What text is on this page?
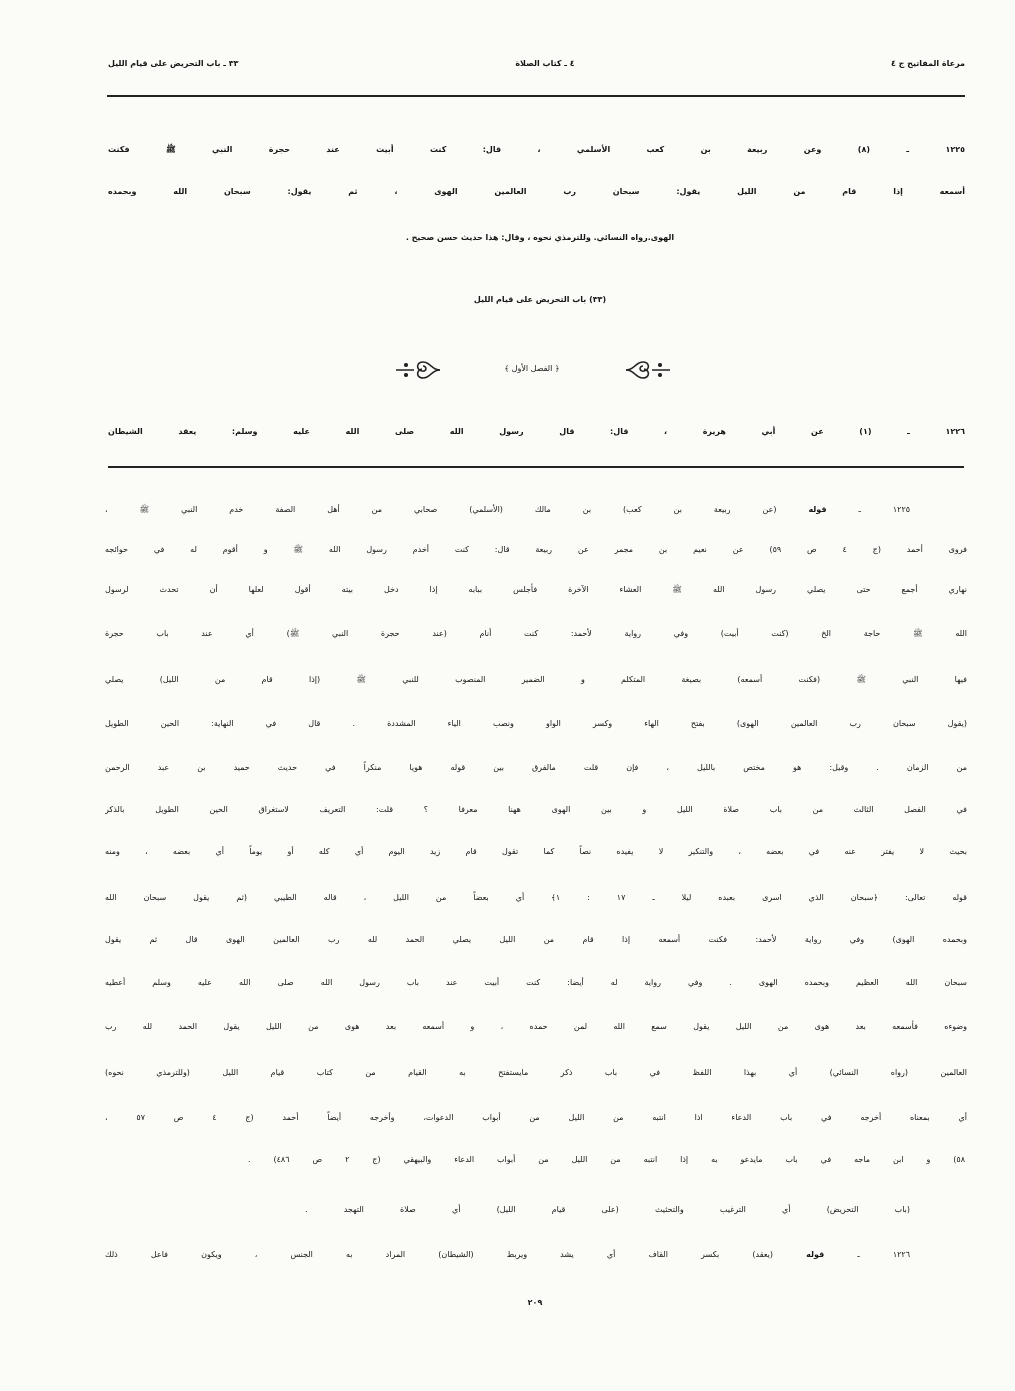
مرعاة المفاتيح ج ٤
٤ ـ كتاب الصلاة
٣٣ ـ باب التحريض على قيام الليل
١٢٢٥ ـ (٨) وعن ربيعة بن كعب الأسلمي ، قال: كنت أبيت عند حجرة النبي ﷺ فكنت
أسمعه إذا قام من الليل يقول: سبحان رب العالمين الهوى ، ثم يقول: سبحان الله وبحمده
الهوى.رواه النسائي. وللترمذي نحوه ، وقال: هذا حديث حسن صحيح .
(٣٣) باب التحريض على قيام الليل
﴿ الفصل الأول ﴾
١٢٢٦ ـ (١) عن أبي هريرة ، قال: قال رسول الله صلى الله عليه وسلم: يعقد الشيطان
١٢٢٥ ـ قوله (عن ربيعة بن كعب) بن مالك (الأسلمي) صحابي من أهل الصفة خدم النبي ﷺ ،
فروى أحمد (ج ٤ ص ٥٩) عن نعيم بن مجمر عن ربيعة قال: كنت أخدم رسول الله ﷺ و أقوم له في حوائجه
نهاري أجمع حتى يصلي رسول الله ﷺ العشاء الآخرة فأجلس ببابه إذا دخل بيته أقول لعلها أن تحدث لرسول
الله ﷺ حاجة الخ (كنت أبيت) وفي رواية لأحمد: كنت أنام (عند حجرة النبي ﷺ) أي عند باب حجرة
فيها النبي ﷺ (فكنت أسمعه) بصيغة المتكلم و الضمير المنصوب للنبي ﷺ (إذا قام من الليل) يصلي
(يقول سبحان رب العالمين الهوى) بفتح الهاء وكسر الواو ونصب الياء المشددة . قال في النهاية: الحين الطويل
من الزمان . وقيل: هو مختص بالليل ، فإن قلت مالفرق بين قوله هويا منكراً في حديث حميد بن عبد الرحمن
في الفصل الثالث من باب صلاة الليل و بين الهوى ههنا معرفا ؟ قلت: التعريف لاستغراق الحين الطويل بالذكر
بحيث لا يفتر عنه في بعضه ، والتنكير لا يفيده نصاً كما تقول قام زيد اليوم أي كله أو يوماً أي بعضه ، ومنه
قوله تعالى: ﴿سبحان الذي اسرى بعبده ليلا ـ ١٧ : ١﴾ أي بعضاً من الليل ، قاله الطيبي (ثم يقول سبحان الله
وبحمده الهوى) وفي رواية لأحمد: فكنت أسمعه إذا قام من الليل يصلي الحمد لله رب العالمين الهوى قال ثم يقول
سبحان الله العظيم وبحمده الهوى . وفي رواية له أيضا: كنت أبيت عند باب رسول الله صلى الله عليه وسلم أعطيه
وضوءه فأسمعه بعد هوى من الليل يقول سمع الله لمن حمده ، و أسمعه بعد هوى من الليل يقول الحمد لله رب
العالمين (رواه النسائي) أي بهذا اللفظ في باب ذكر مايستفتح به القيام من كتاب قيام الليل (وللترمذي نحوه)
أي بمعناه أخرجه في باب الدعاء اذا انتبه من الليل من أبواب الدعوات، وأخرجه أيضاً أحمد (ج ٤ ص ٥٧ ،
٥٨) و ابن ماجه في باب مايدعو به إذا انتبه من الليل من أبواب الدعاء والبيهقي (ج ٢ ص ٤٨٦) .
(باب التحريض) أي الترغيب والتحثيث (على قيام الليل) أي صلاة التهجد .
١٢٢٦ ـ قوله (يعقد) بكسر القاف أي يشد ويربط (الشيطان) المراد به الجنس ، ويكون فاعل ذلك
٢٠٩
